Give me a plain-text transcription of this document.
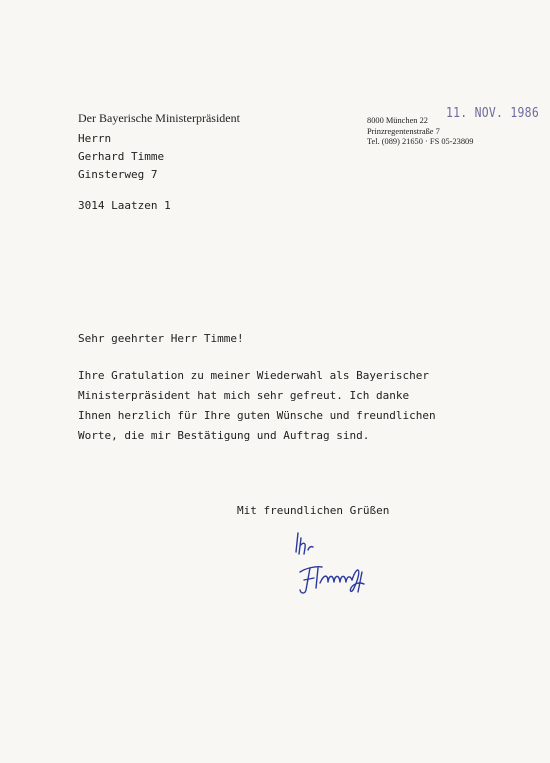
Der Bayerische Ministerpräsident	8000 München 22
Prinzregentenstraße 7
Tel. (089) 21650 · FS 05-23809
11. NOV. 1986
Herrn
Gerhard Timme
Ginsterweg 7
3014 Laatzen 1
Sehr geehrter Herr Timme!
Ihre Gratulation zu meiner Wiederwahl als Bayerischer
Ministerpräsident hat mich sehr gefreut. Ich danke
Ihnen herzlich für Ihre guten Wünsche und freundlichen
Worte, die mir Bestätigung und Auftrag sind.
Mit freundlichen Grüßen
